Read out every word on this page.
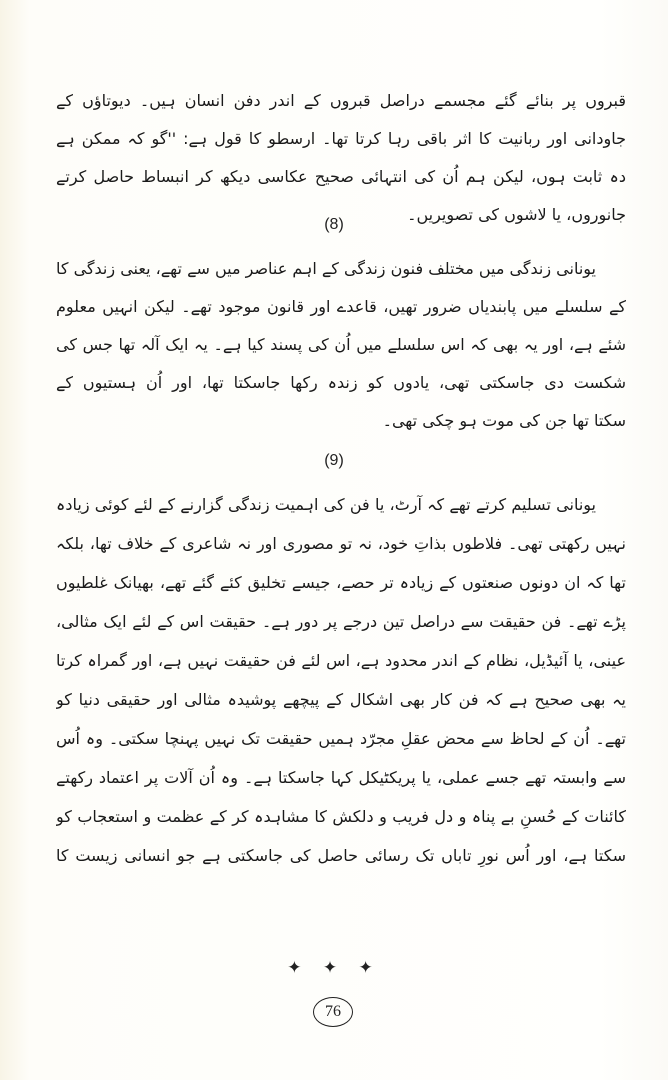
قبروں پر بنائے گئے مجسمے دراصل قبروں کے اندر دفن انسان ہیں۔ دیوتاؤں کے
جاودانی اور ربانیت کا اثر باقی رہا کرتا تھا۔ ارسطو کا قول ہے: ''گو کہ ممکن ہے
دہ ثابت ہوں، لیکن ہم اُن کی انتہائی صحیح عکاسی دیکھ کر انبساط حاصل کرتے
جانوروں، یا لاشوں کی تصویریں۔
(8)
یونانی زندگی میں مختلف فنون زندگی کے اہم عناصر میں سے تھے، یعنی زندگی کا
کے سلسلے میں پابندیاں ضرور تھیں، قاعدے اور قانون موجود تھے۔ لیکن انہیں معلوم
شئے ہے، اور یہ بھی کہ اس سلسلے میں اُن کی پسند کیا ہے۔ یہ ایک آلہ تھا جس کی
شکست دی جاسکتی تھی، یادوں کو زندہ رکھا جاسکتا تھا، اور اُن ہستیوں کے
سکتا تھا جن کی موت ہو چکی تھی۔
(9)
یونانی تسلیم کرتے تھے کہ آرٹ، یا فن کی اہمیت زندگی گزارنے کے لئے کوئی زیادہ
نہیں رکھتی تھی۔ فلاطوں بذاتِ خود، نہ تو مصوری اور نہ شاعری کے خلاف تھا، بلکہ
تھا کہ ان دونوں صنعتوں کے زیادہ تر حصے، جیسے تخلیق کئے گئے تھے، بھیانک غلطیوں
پڑے تھے۔ فن حقیقت سے دراصل تین درجے پر دور ہے۔ حقیقت اس کے لئے ایک مثالی،
عینی، یا آئیڈیل، نظام کے اندر محدود ہے، اس لئے فن حقیقت نہیں ہے، اور گمراہ کرتا
یہ بھی صحیح ہے کہ فن کار بھی اشکال کے پیچھے پوشیدہ مثالی اور حقیقی دنیا کو
تھے۔ اُن کے لحاظ سے محض عقلِ مجرّد ہمیں حقیقت تک نہیں پہنچا سکتی۔ وہ اُس
سے وابستہ تھے جسے عملی، یا پریکٹیکل کہا جاسکتا ہے۔ وہ اُن آلات پر اعتماد رکھتے
کائنات کے حُسنِ بے پناہ و دل فریب و دلکش کا مشاہدہ کر کے عظمت و استعجاب کو
سکتا ہے، اور اُس نورِ تاباں تک رسائی حاصل کی جاسکتی ہے جو انسانی زیست کا
✦ ✦ ✦
76
